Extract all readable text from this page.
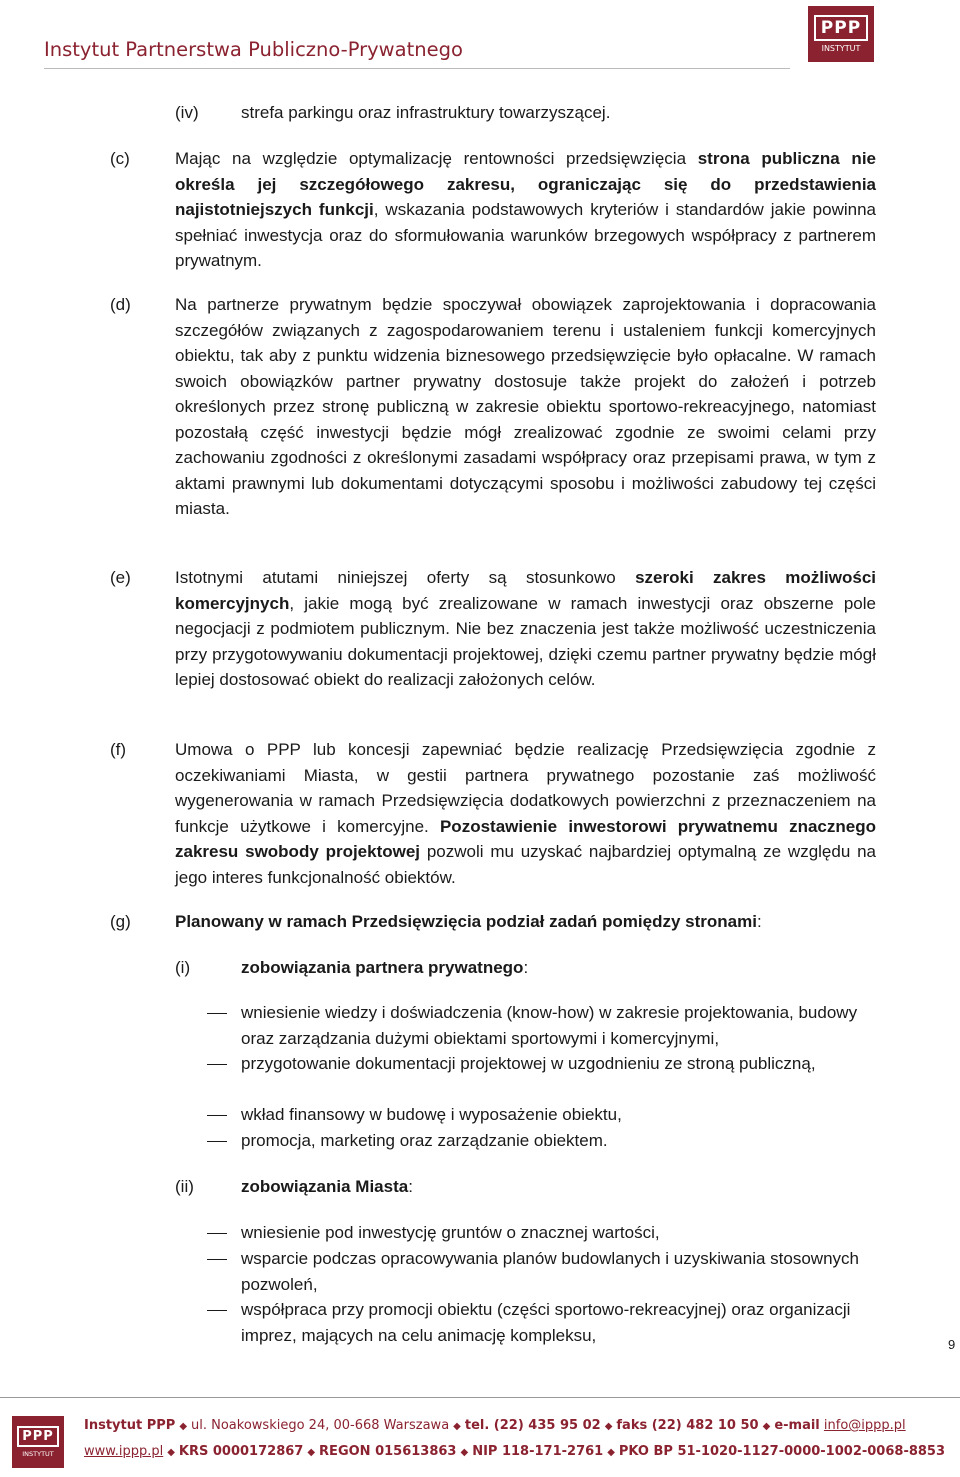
Instytut Partnerstwa Publiczno-Prywatnego
PPP
INSTYTUT
(iv) strefa parkingu oraz infrastruktury towarzyszącej.
(c)	Mając na względzie optymalizację rentowności przedsięwzięcia strona publiczna nie określa jej szczegółowego zakresu, ograniczając się do przedstawienia najistotniejszych funkcji, wskazania podstawowych kryteriów i standardów jakie powinna spełniać inwestycja oraz do sformułowania warunków brzegowych współpracy z partnerem prywatnym.
(d)	Na partnerze prywatnym będzie spoczywał obowiązek zaprojektowania i dopracowania szczegółów związanych z zagospodarowaniem terenu i ustaleniem funkcji komercyjnych obiektu, tak aby z punktu widzenia biznesowego przedsięwzięcie było opłacalne. W ramach swoich obowiązków partner prywatny dostosuje także projekt do założeń i potrzeb określonych przez stronę publiczną w zakresie obiektu sportowo-rekreacyjnego, natomiast pozostałą część inwestycji będzie mógł zrealizować zgodnie ze swoimi celami przy zachowaniu zgodności z określonymi zasadami współpracy oraz przepisami prawa, w tym z aktami prawnymi lub dokumentami dotyczącymi sposobu i możliwości zabudowy tej części miasta.
(e)	Istotnymi atutami niniejszej oferty są stosunkowo szeroki zakres możliwości komercyjnych, jakie mogą być zrealizowane w ramach inwestycji oraz obszerne pole negocjacji z podmiotem publicznym. Nie bez znaczenia jest także możliwość uczestniczenia przy przygotowywaniu dokumentacji projektowej, dzięki czemu partner prywatny będzie mógł lepiej dostosować obiekt do realizacji założonych celów.
(f)	Umowa o PPP lub koncesji zapewniać będzie realizację Przedsięwzięcia zgodnie z oczekiwaniami Miasta, w gestii partnera prywatnego pozostanie zaś możliwość wygenerowania w ramach Przedsięwzięcia dodatkowych powierzchni z przeznaczeniem na funkcje użytkowe i komercyjne. Pozostawienie inwestorowi prywatnemu znacznego zakresu swobody projektowej pozwoli mu uzyskać najbardziej optymalną ze względu na jego interes funkcjonalność obiektów.
(g)	Planowany w ramach Przedsięwzięcia podział zadań pomiędzy stronami:
(i)	zobowiązania partnera prywatnego:
wniesienie wiedzy i doświadczenia (know-how) w zakresie projektowania, budowy oraz zarządzania dużymi obiektami sportowymi i komercyjnymi,
przygotowanie dokumentacji projektowej w uzgodnieniu ze stroną publiczną,
wkład finansowy w budowę i wyposażenie obiektu,
promocja, marketing oraz zarządzanie obiektem.
(ii)	zobowiązania Miasta:
wniesienie pod inwestycję gruntów o znacznej wartości,
wsparcie podczas opracowywania planów budowlanych i uzyskiwania stosownych pozwoleń,
współpraca przy promocji obiektu (części sportowo-rekreacyjnej) oraz organizacji imprez, mających na celu animację kompleksu,	9
PPP
INSTYTUT
Instytut PPP ◆ ul. Noakowskiego 24, 00-668 Warszawa ◆ tel. (22) 435 95 02 ◆ faks (22) 482 10 50 ◆ e-mail info@ippp.pl
www.ippp.pl ◆ KRS 0000172867 ◆ REGON 015613863 ◆ NIP 118-171-2761 ◆ PKO BP 51-1020-1127-0000-1002-0068-8853
